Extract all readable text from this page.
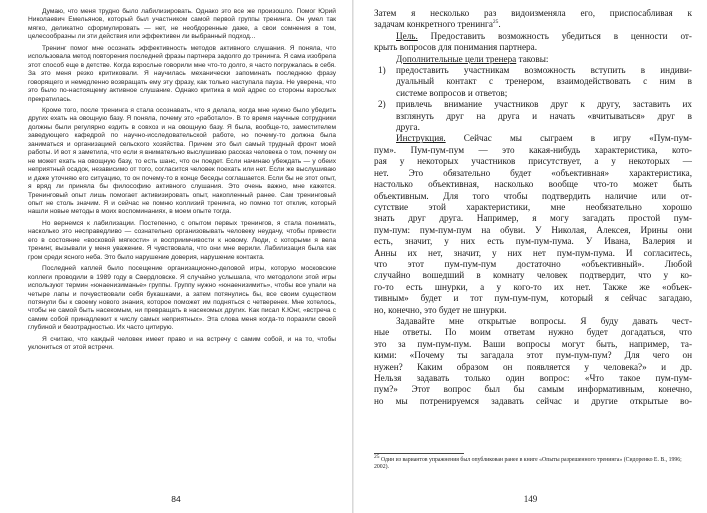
Думаю, что меня трудно было лабилизировать. Однако это все же произошло. Помог Юрий Николаевич Емельянов, который был участником самой первой группы тренинга. Он умел так мягко, деликатно сформулировать — нет, не необдоренные даже, а свои сомнения в том, целесообразны ли эти действия или эффективен ли выбранный подход...

Тренинг помог мне осознать эффективность методов активного слушания. Я поняла, что использовала метод повторения последней фразы партнера задолго до тренинга. Я сама изобрела этот способ еще в детстве. Когда взрослые говорили мне что-то долго, я часто погружалась в себя. За это меня резко критиковали. Я научилась механически запоминать последнюю фразу говорящего и немедленно возвращать ему эту фразу, как только наступала пауза. Не уверена, что это было по-настоящему активное слушание. Однако критика в мой адрес со стороны взрослых прекратилась.

Кроме того, после тренинга я стала осознавать, что я делала, когда мне нужно было убедить других ехать на овощную базу. Я поняла, почему это «работало». В то время научные сотрудники должны были регулярно ездить в совхоз и на овощную базу. Я была, вообще-то, заместителем заведующего кафедрой по научно-исследовательской работе, но почему-то должна была заниматься и организацией сельского хозяйства. Причем это был самый трудный фронт моей работы. И вот я заметила, что если я внимательно выслушиваю рассказ человека о том, почему он не может ехать на овощную базу, то есть шанс, что он поедет. Если начинаю убеждать — у обеих неприятный осадок, независимо от того, согласится человек поехать или нет. Если же выслушиваю и даже уточняю его ситуацию, то он почему-то в конце беседы соглашается. Если бы не этот опыт, я вряд ли приняла бы философию активного слушания. Это очень важно, мне кажется. Тренинговый опыт лишь помогает активизировать опыт, накопленный ранее. Сам тренинговый опыт не столь значим. Я и сейчас не помню коллизий тренинга, но помню тот отклик, который нашли новые методы в моих воспоминаниях, в моем опыте тогда.

Но вернемся к лабилизации. Постепенно, с опытом первых тренингов, я стала понимать, насколько это несправедливо — сознательно организовывать человеку неудачу, чтобы привести его в состояние «восковой мягкости» и восприимчивости к новому. Люди, с которыми я вела тренинг, вызывали у меня уважение. Я чувствовала, что они мне верили. Лабилизация была как гром среди ясного неба. Это было нарушение доверия, нарушение контакта.

Последней каплей было посещение организационно-деловой игры, которую московские коллеги проводили в 1989 году в Свердловске. Я случайно услышала, что методологи этой игры используют термин «юнаенизиманье» группы. Группу нужно «юнаенизимить», чтобы все упали на четыре лапы и почувствовали себя букашками, а затем потянулись бы, все своим существом потянули бы к своему нового знания, которое поможет им подняться с четверенек. Мне хотелось, чтобы не самой быть насекомым, ни превращать в насекомых других. Как писал К.Юнг, «встреча с самим собой принадлежит к числу самых неприятных». Эта слова меня когда-то поразили своей глубиной и безотрадностью. Их часто цитирую.

Я считаю, что каждый человек имеет право и на встречу с самим собой, и на то, чтобы уклониться от этой встречи.

84
Затем я несколько раз видоизменяла его, приспосабливая к
задачам конкретного тренинга$^{25}$.
Цель. Предоставить возможность убедиться в ценности от-
крыть вопросов для понимания партнера.
Дополнительные цели тренера таковы:
1) предоставить участникам возможность вступить в индиви-
дуальный контакт с тренером, взаимодействовать с ним в
системе вопросов и ответов;
2) привлечь внимание участников друг к другу, заставить их
взглянуть друг на друга и начать «вчитываться» друг в
друга.
Инструкция. Сейчас мы сыграем в игру «Пум-пум-
пум». Пум-пум-пум — это какая-нибудь характеристика, кото-
рая у некоторых участников присутствует, а у некоторых —
нет. Это обязательно будет «объективная» характеристика,
настолько объективная, насколько вообще что-то может быть
объективным. Для того чтобы подтвердить наличие или от-
сутствие этой характеристики, мне необязательно хорошо
знать друг друга. Например, я могу загадать простой пум-
пум-пум: пум-пум-пум на обуви. У Николая, Алексея, Ирины они
есть, значит, у них есть пум-пум-пума. У Ивана, Валерия и
Анны их нет, значит, у них нет пум-пум-пума. И согласитесь,
что этот пум-пум-пум достаточно «объективный». Любой
случайно вошедший в комнату человек подтвердит, что у ко-
го-то есть шнурки, а у кого-то их нет. Также же «объек-
тивным» будет и тот пум-пум-пум, который я сейчас загадаю,
но, конечно, это будет не шнурки.
Задавайте мне открытые вопросы. Я буду давать чест-
ные ответы. По моим ответам нужно будет догадаться, что
это за пум-пум-пум. Ваши вопросы могут быть, например, та-
кими: «Почему ты загадала этот пум-пум-пум? Для чего он
нужен? Каким образом он появляется у человека?» и др.
Нельзя задавать только один вопрос: «Что такое пум-пум-
пум?» Этот вопрос был бы самым информативным, конечно,
но мы потренируемся задавать сейчас и другие открытые во-
$^{25}$ Один из вариантов упражнения был опубликован ранее в книге «Опыты разрешенного тренинга» (Сидоренко Е. В., 1996; 2002).
149
